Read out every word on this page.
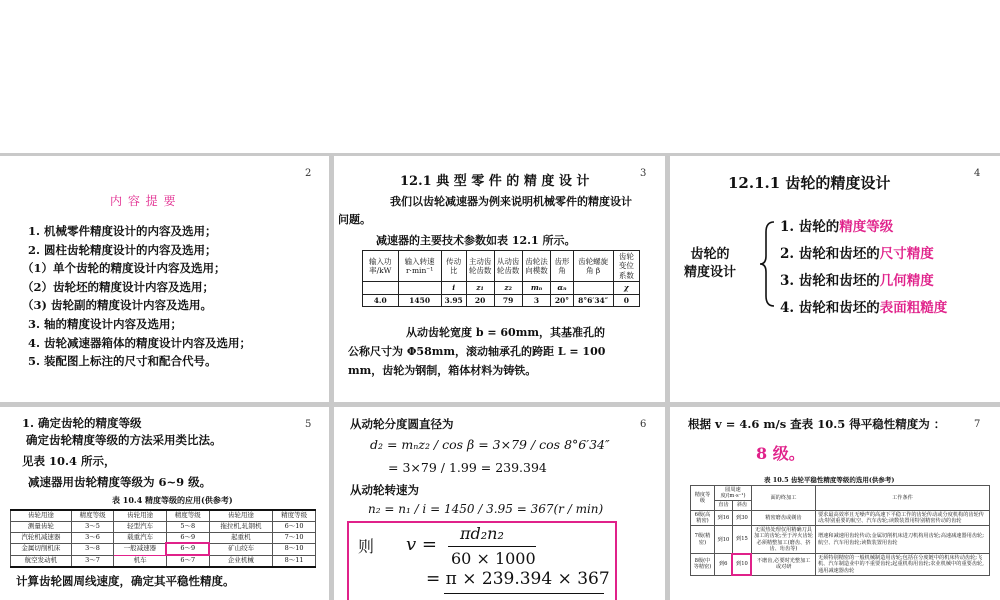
2
内 容 提 要
1. 机械零件精度设计的内容及选用；
2. 圆柱齿轮精度设计的内容及选用；
（1）单个齿轮的精度设计内容及选用；
（2）齿轮坯的精度设计内容及选用；
（3) 齿轮副的精度设计内容及选用。
3. 轴的精度设计内容及选用；
4. 齿轮减速器箱体的精度设计内容及选用；
5. 装配图上标注的尺寸和配合代号。
3
12.1 典 型 零 件 的 精 度 设 计
我们以齿轮减速器为例来说明机械零件的精度设计问题。
减速器的主要技术参数如表 12.1 所示。
输入功率/kW	输入转速r·min⁻¹	传动比	主动齿轮齿数	从动齿轮齿数	齿轮法向模数	齿形角	齿轮螺旋角 β	齿轮变位系数
		i	z₁	z₂	mₙ	αₙ		χ
4.0	1450	3.95	20	79	3	20°	8°6′34″	0
从动齿轮宽度 b = 60mm，其基准孔的
公称尺寸为 Φ58mm，滚动轴承孔的跨距 L = 100
mm，齿轮为钢制，箱体材料为铸铁。
4
12.1.1 齿轮的精度设计
齿轮的
精度设计
1. 齿轮的精度等级
2. 齿轮和齿坯的尺寸精度
3. 齿轮和齿坯的几何精度
4. 齿轮和齿坯的表面粗糙度
5
1. 确定齿轮的精度等级
确定齿轮精度等级的方法采用类比法。
见表 10.4 所示，
减速器用齿轮精度等级为 6~9 级。
表 10.4 精度等级的应用(供参考)
齿轮用途	精度等级	齿轮用途	精度等级	齿轮用途	精度等级
测量齿轮	3～5	轻型汽车	5～8	拖拉机,轧钢机	6～10
汽轮机减速器	3～6	载重汽车	6～9	起重机	7～10
金属切削机床	3～8	一般减速器	6～9	矿山绞车	8～10
航空发动机	3～7	机车	6～7	企业机械	8～11
计算齿轮圆周线速度，确定其平稳性精度。
6
从动轮分度圆直径为
d₂ = mₙz₂ / cos β = 3×79 / cos 8°6′34″
= 3×79 / 1.99 = 239.394
从动轮转速为
n₂ = n₁ / i = 1450 / 3.95 = 367(r / min)
则 v =
πd₂n₂
60 × 1000
= π × 239.394 × 367
7
根据 v = 4.6 m/s 查表 10.5 得平稳性精度为 ：
8 级。
表 10.5 齿轮平稳性精度等级的选用(供参考)
精度等级	圆周速度/(m·s⁻¹)		面的终加工	工作条件
	直齿	斜齿		
6级(高精密)	到16	到30	精密磨齿或剃齿	要求最高效率且无噪声的高速下平稳工作的齿轮传动或分度机构的齿轮传动;特别重要的航空、汽车齿轮;读数装置用特别精密传动的齿轮
7级(精密)	到10	到15	无需热处理仅用精确刀具加工的齿轮;至于淬火齿轮必须精整加工(磨齿、挤齿、珩齿等)	增速和减速用齿轮传动;金属切削机床进刀机构用齿轮;高速减速器用齿轮;航空、汽车用齿轮;读数装置用齿轮
8级(中等精密)	到6	到10	不磨齿,必要时光整加工或对研	无须特别精密的一般机械制造用齿轮;包括在分度链中的机床传动齿轮;飞机、汽车制造业中的不重要齿轮;起重机构用齿轮;农业机械中的重要齿轮,通用减速器齿轮
